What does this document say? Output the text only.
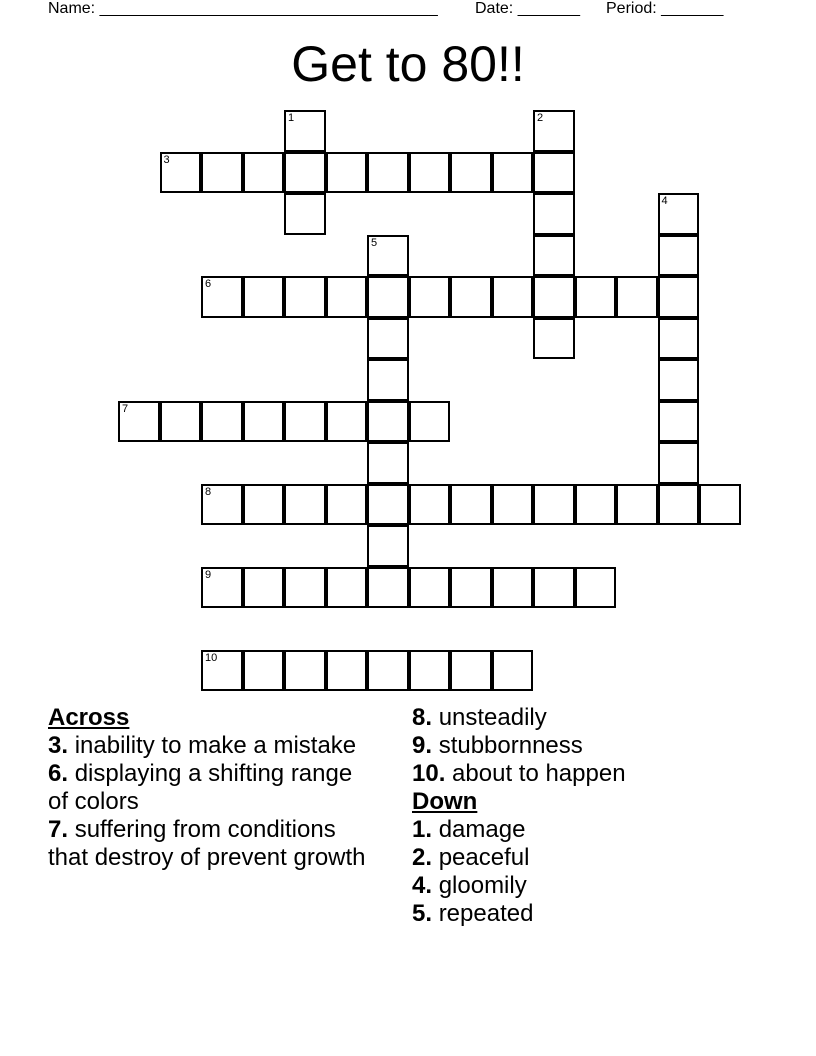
Name: ______________________________________ Date: _______ Period: _______
Get to 80!!
1	2
3
4
5
6
7
8
9
10
Across
3. inability to make a mistake
6. displaying a shifting range of colors
7. suffering from conditions that destroy of prevent growth
8. unsteadily
9. stubbornness
10. about to happen
Down
1. damage
2. peaceful
4. gloomily
5. repeated
